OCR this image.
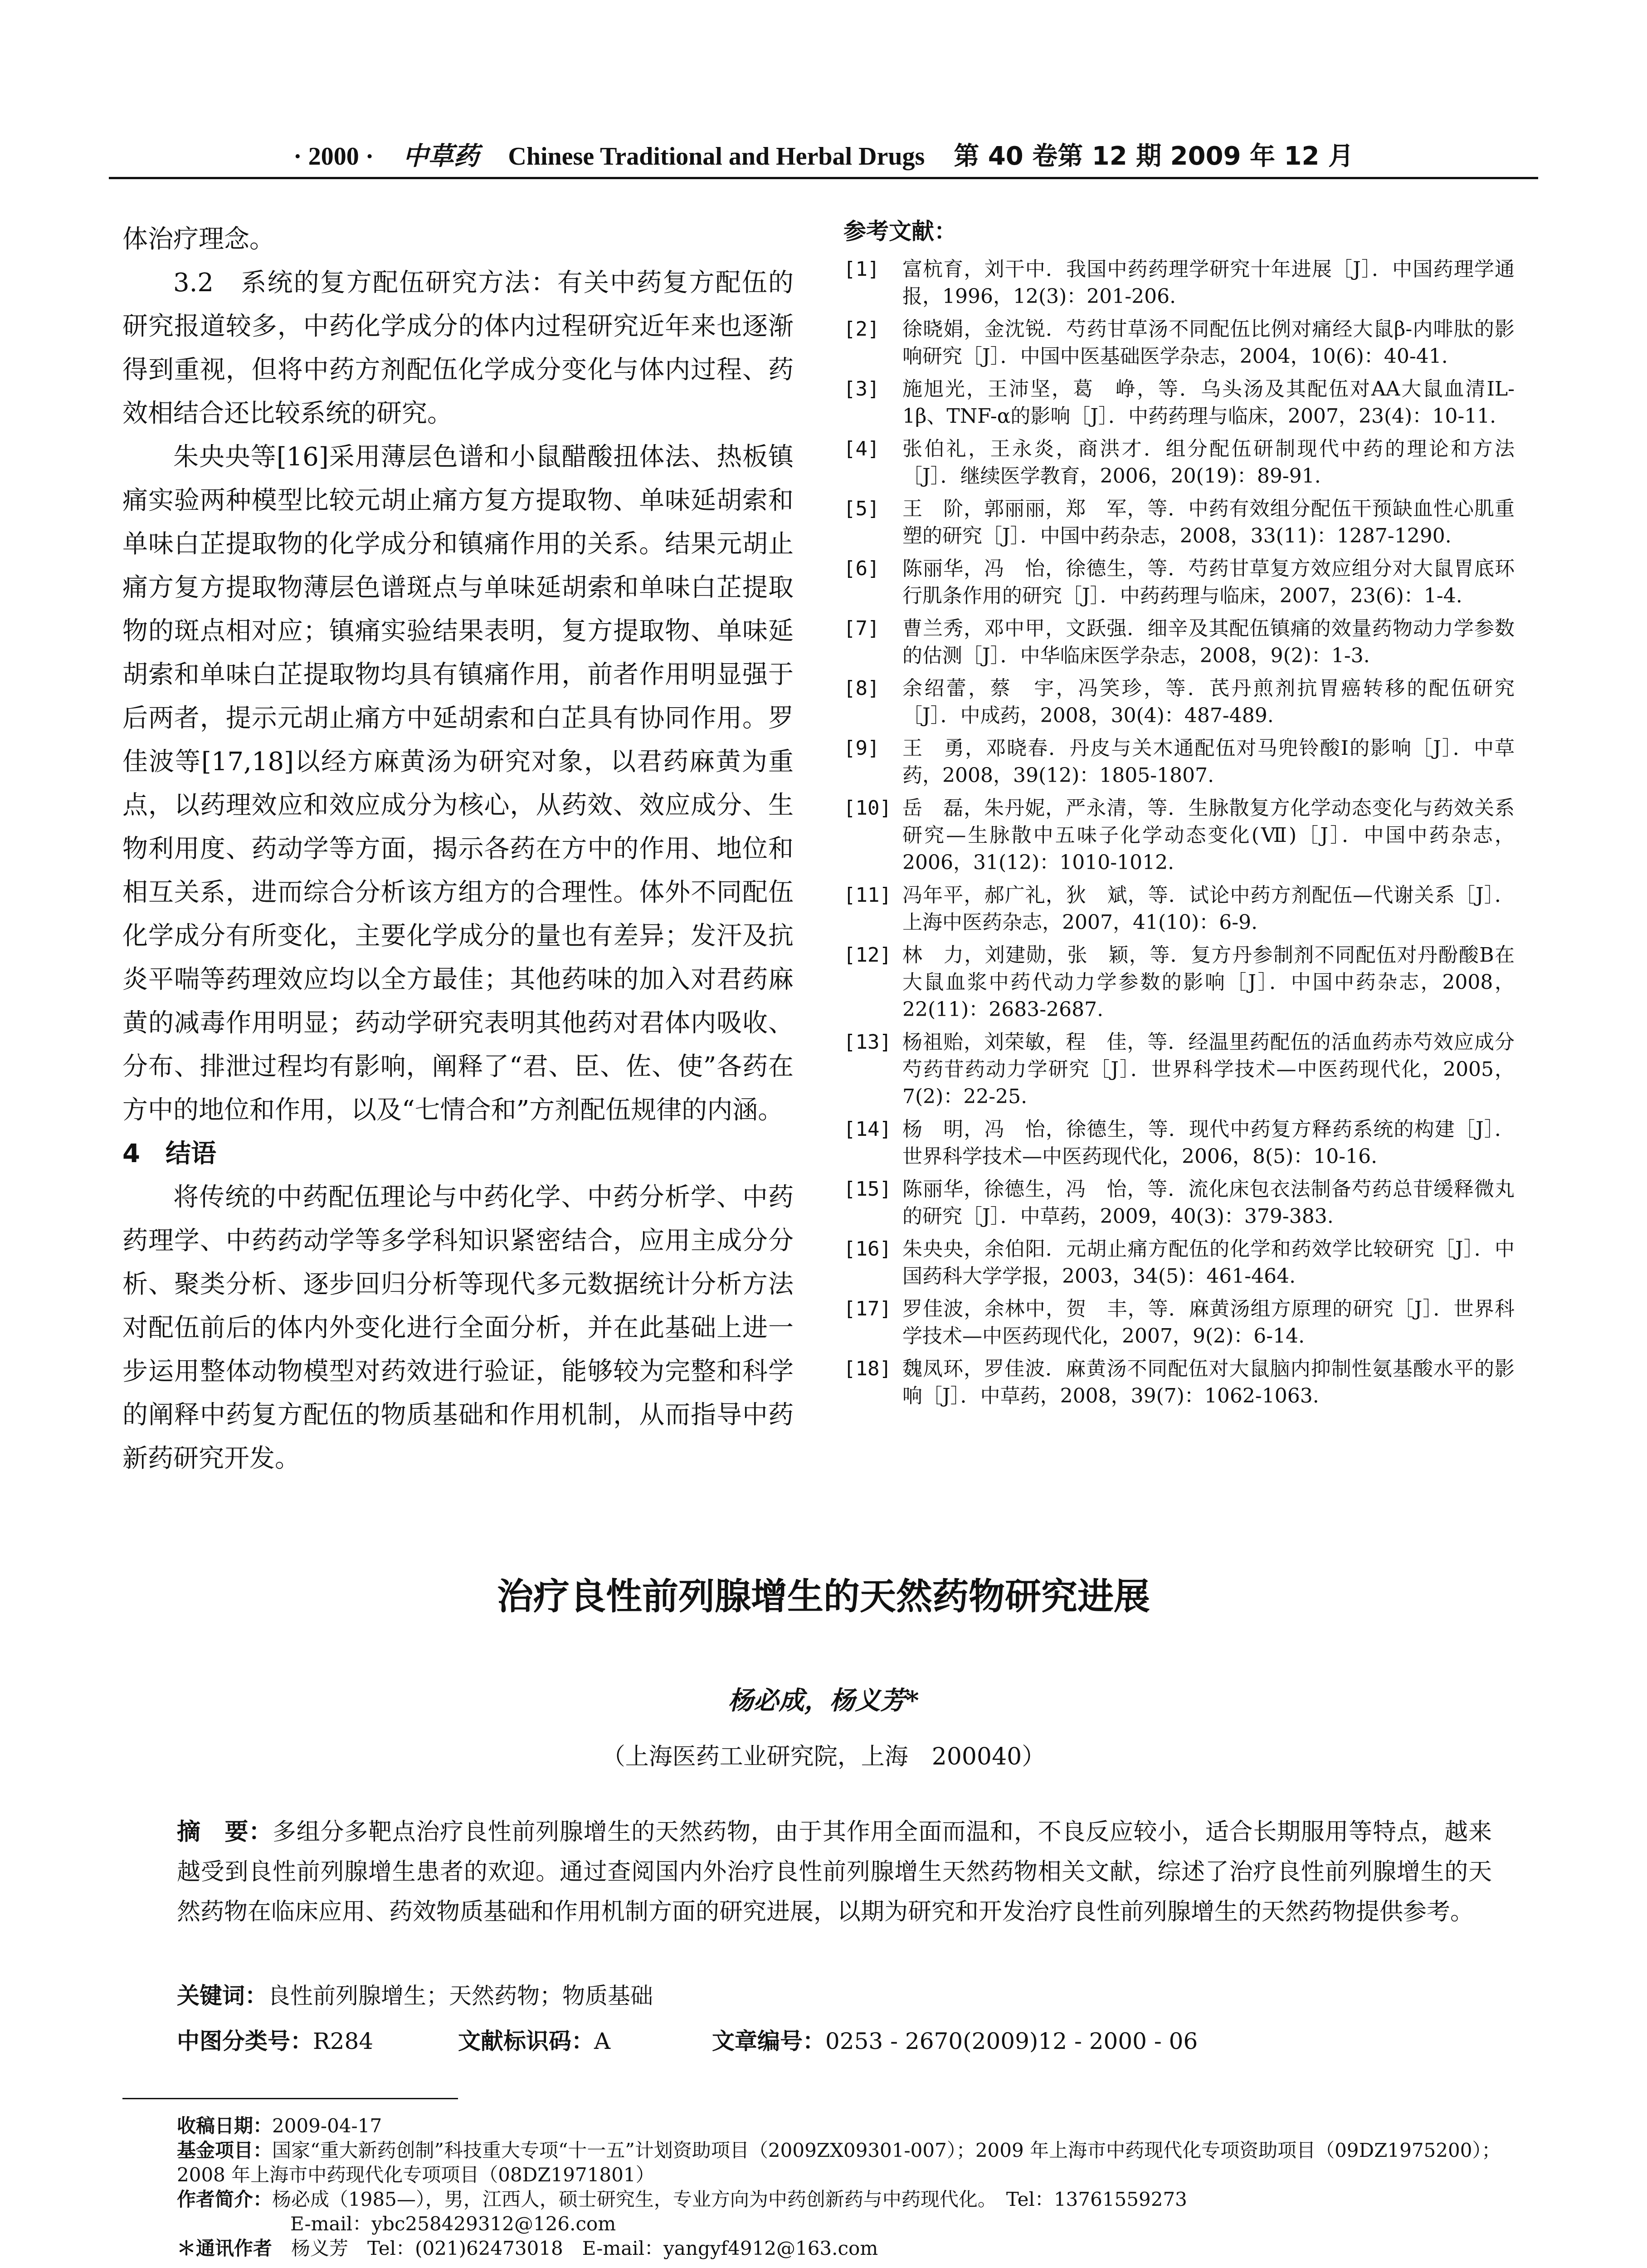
· 2000 · 中草药 Chinese Traditional and Herbal Drugs 第 40 卷第 12 期 2009 年 12 月

体治疗理念。

3.2　系统的复方配伍研究方法：有关中药复方配伍的研究报道较多，中药化学成分的体内过程研究近年来也逐渐得到重视，但将中药方剂配伍化学成分变化与体内过程、药效相结合还比较系统的研究。

朱央央等[16]采用薄层色谱和小鼠醋酸扭体法、热板镇痛实验两种模型比较元胡止痛方复方提取物、单味延胡索和单味白芷提取物的化学成分和镇痛作用的关系。结果元胡止痛方复方提取物薄层色谱斑点与单味延胡索和单味白芷提取物的斑点相对应；镇痛实验结果表明，复方提取物、单味延胡索和单味白芷提取物均具有镇痛作用，前者作用明显强于后两者，提示元胡止痛方中延胡索和白芷具有协同作用。罗佳波等[17,18]以经方麻黄汤为研究对象，以君药麻黄为重点，以药理效应和效应成分为核心，从药效、效应成分、生物利用度、药动学等方面，揭示各药在方中的作用、地位和相互关系，进而综合分析该方组方的合理性。体外不同配伍化学成分有所变化，主要化学成分的量也有差异；发汗及抗炎平喘等药理效应均以全方最佳；其他药味的加入对君药麻黄的减毒作用明显；药动学研究表明其他药对君体内吸收、分布、排泄过程均有影响，阐释了“君、臣、佐、使”各药在方中的地位和作用，以及“七情合和”方剂配伍规律的内涵。

4　结语

将传统的中药配伍理论与中药化学、中药分析学、中药药理学、中药药动学等多学科知识紧密结合，应用主成分分析、聚类分析、逐步回归分析等现代多元数据统计分析方法对配伍前后的体内外变化进行全面分析，并在此基础上进一步运用整体动物模型对药效进行验证，能够较为完整和科学的阐释中药复方配伍的物质基础和作用机制，从而指导中药新药研究开发。

参考文献：
[1]	富杭育，刘干中．我国中药药理学研究十年进展［J］．中国药理学通报，1996，12(3)：201-206.
[2]	徐晓娟，金沈锐．芍药甘草汤不同配伍比例对痛经大鼠β-内啡肽的影响研究［J］．中国中医基础医学杂志，2004，10(6)：40-41.
[3]	施旭光，王沛坚，葛　峥，等．乌头汤及其配伍对AA大鼠血清IL-1β、TNF-α的影响［J］．中药药理与临床，2007，23(4)：10-11.
[4]	张伯礼，王永炎，商洪才．组分配伍研制现代中药的理论和方法［J］．继续医学教育，2006，20(19)：89-91.
[5]	王　阶，郭丽丽，郑　军，等．中药有效组分配伍干预缺血性心肌重塑的研究［J］．中国中药杂志，2008，33(11)：1287-1290.
[6]	陈丽华，冯　怡，徐德生，等．芍药甘草复方效应组分对大鼠胃底环行肌条作用的研究［J］．中药药理与临床，2007，23(6)：1-4.
[7]	曹兰秀，邓中甲，文跃强．细辛及其配伍镇痛的效量药物动力学参数的估测［J］．中华临床医学杂志，2008，9(2)：1-3.
[8]	余绍蕾，蔡　宇，冯笑珍，等．芪丹煎剂抗胃癌转移的配伍研究［J］．中成药，2008，30(4)：487-489.
[9]	王　勇，邓晓春．丹皮与关木通配伍对马兜铃酸Ⅰ的影响［J］．中草药，2008，39(12)：1805-1807.
[10] 岳　磊，朱丹妮，严永清，等．生脉散复方化学动态变化与药效关系研究—生脉散中五味子化学动态变化(Ⅶ)［J］．中国中药杂志，2006，31(12)：1010-1012.
[11] 冯年平，郝广礼，狄　斌，等．试论中药方剂配伍—代谢关系［J］．上海中医药杂志，2007，41(10)：6-9.
[12] 林　力，刘建勋，张　颖，等．复方丹参制剂不同配伍对丹酚酸B在大鼠血浆中药代动力学参数的影响［J］．中国中药杂志，2008，22(11)：2683-2687.
[13] 杨祖贻，刘荣敏，程　佳，等．经温里药配伍的活血药赤芍效应成分芍药苷药动力学研究［J］．世界科学技术—中医药现代化，2005，7(2)：22-25.
[14] 杨　明，冯　怡，徐德生，等．现代中药复方释药系统的构建［J］．世界科学技术—中医药现代化，2006，8(5)：10-16.
[15] 陈丽华，徐德生，冯　怡，等．流化床包衣法制备芍药总苷缓释微丸的研究［J］．中草药，2009，40(3)：379-383.
[16] 朱央央，余伯阳．元胡止痛方配伍的化学和药效学比较研究［J］．中国药科大学学报，2003，34(5)：461-464.
[17] 罗佳波，余林中，贺　丰，等．麻黄汤组方原理的研究［J］．世界科学技术—中医药现代化，2007，9(2)：6-14.
[18] 魏凤环，罗佳波．麻黄汤不同配伍对大鼠脑内抑制性氨基酸水平的影响［J］．中草药，2008，39(7)：1062-1063.
治疗良性前列腺增生的天然药物研究进展
杨必成，杨义芳*
（上海医药工业研究院，上海　200040）
摘　要：多组分多靶点治疗良性前列腺增生的天然药物，由于其作用全面而温和，不良反应较小，适合长期服用等特点，越来越受到良性前列腺增生患者的欢迎。通过查阅国内外治疗良性前列腺增生天然药物相关文献，综述了治疗良性前列腺增生的天然药物在临床应用、药效物质基础和作用机制方面的研究进展，以期为研究和开发治疗良性前列腺增生的天然药物提供参考。
关键词：良性前列腺增生；天然药物；物质基础
中图分类号：R284	文献标识码：A	文章编号：0253 - 2670(2009)12 - 2000 - 06

收稿日期：2009-04-17

基金项目：国家“重大新药创制”科技重大专项“十一五”计划资助项目（2009ZX09301-007）；2009 年上海市中药现代化专项资助项目（09DZ1975200）；2008 年上海市中药现代化专项项目（08DZ1971801）

作者简介：杨必成（1985—），男，江西人，硕士研究生，专业方向为中药创新药与中药现代化。　Tel：13761559273
E-mail：ybc258429312@126.com

＊通讯作者　杨义芳　Tel：(021)62473018　E-mail：yangyf4912@163.com
